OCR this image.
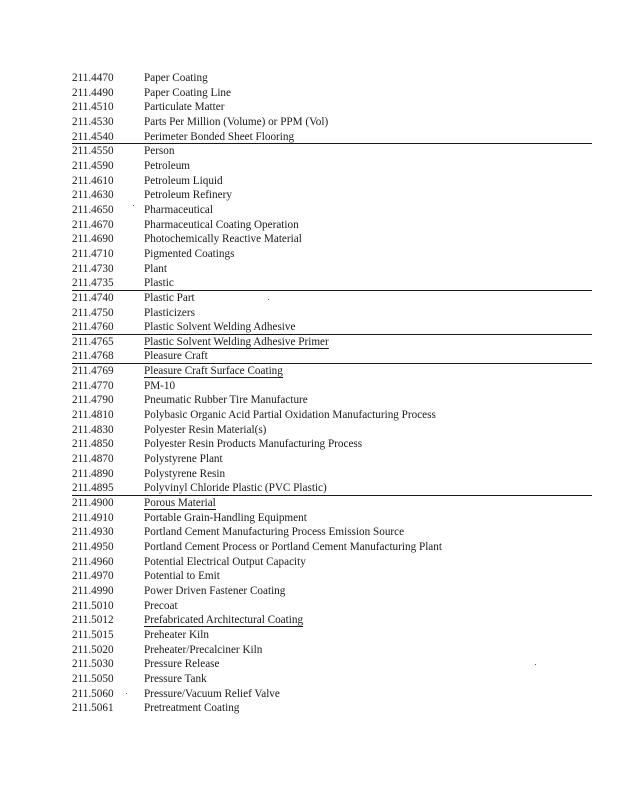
211.4470	Paper Coating
211.4490	Paper Coating Line
211.4510	Particulate Matter
211.4530	Parts Per Million (Volume) or PPM (Vol)
211.4540	Perimeter Bonded Sheet Flooring
211.4550	Person
211.4590	Petroleum
211.4610	Petroleum Liquid
211.4630	Petroleum Refinery
211.4650	Pharmaceutical
211.4670	Pharmaceutical Coating Operation
211.4690	Photochemically Reactive Material
211.4710	Pigmented Coatings
211.4730	Plant
211.4735	Plastic
211.4740	Plastic Part
211.4750	Plasticizers
211.4760	Plastic Solvent Welding Adhesive
211.4765	Plastic Solvent Welding Adhesive Primer
211.4768	Pleasure Craft
211.4769	Pleasure Craft Surface Coating
211.4770	PM-10
211.4790	Pneumatic Rubber Tire Manufacture
211.4810	Polybasic Organic Acid Partial Oxidation Manufacturing Process
211.4830	Polyester Resin Material(s)
211.4850	Polyester Resin Products Manufacturing Process
211.4870	Polystyrene Plant
211.4890	Polystyrene Resin
211.4895	Polyvinyl Chloride Plastic (PVC Plastic)
211.4900	Porous Material
211.4910	Portable Grain-Handling Equipment
211.4930	Portland Cement Manufacturing Process Emission Source
211.4950	Portland Cement Process or Portland Cement Manufacturing Plant
211.4960	Potential Electrical Output Capacity
211.4970	Potential to Emit
211.4990	Power Driven Fastener Coating
211.5010	Precoat
211.5012	Prefabricated Architectural Coating
211.5015	Preheater Kiln
211.5020	Preheater/Precalciner Kiln
211.5030	Pressure Release
211.5050	Pressure Tank
211.5060	Pressure/Vacuum Relief Valve
211.5061	Pretreatment Coating
